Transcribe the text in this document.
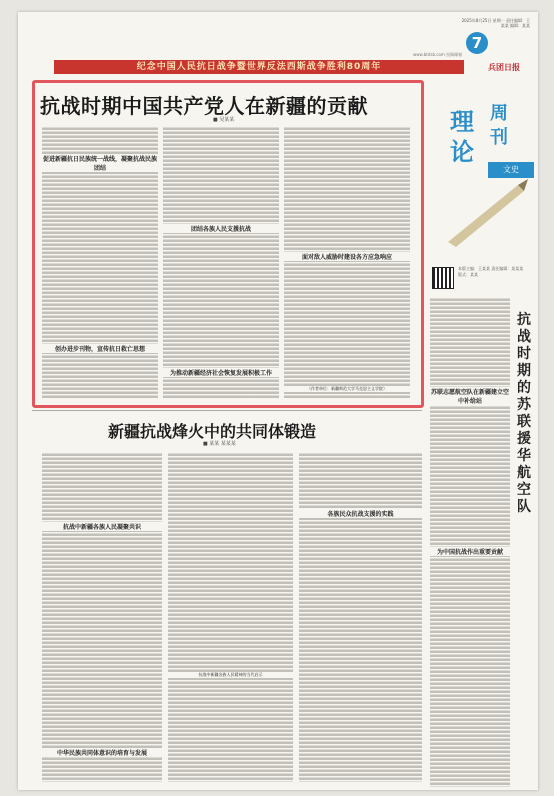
7
2025年8月25日 星期一 责任编辑：王某某 编辑：某某
www.btdsb.com 投稿邮箱
兵团日报
纪念中国人民抗日战争暨世界反法西斯战争胜利80周年
抗战时期中国共产党人在新疆的贡献
■ 吴某某
促进新疆抗日民族统一战线，凝聚抗战民族团结
创办进步刊物，宣传抗日救亡思想
团结各族人民支援抗战
面对敌人威胁时建设各方应急响应
为推动新疆经济社会恢复发展积极工作
（作者单位：新疆师范大学马克思主义学院）
理论
周刊
文史
本版主编：王某某 责任编辑：某某某 版式：某某
抗战时期的苏联援华航空队
苏联志愿航空队在新疆建立空中补给站
为中国抗战作出重要贡献
新疆抗战烽火中的共同体锻造
■ 某某 某某某
抗战中新疆各族人民凝聚共识
各族民众抗战支援的实践
中华民族共同体意识的培育与发展
抗战中新疆各族人民精神的当代启示
